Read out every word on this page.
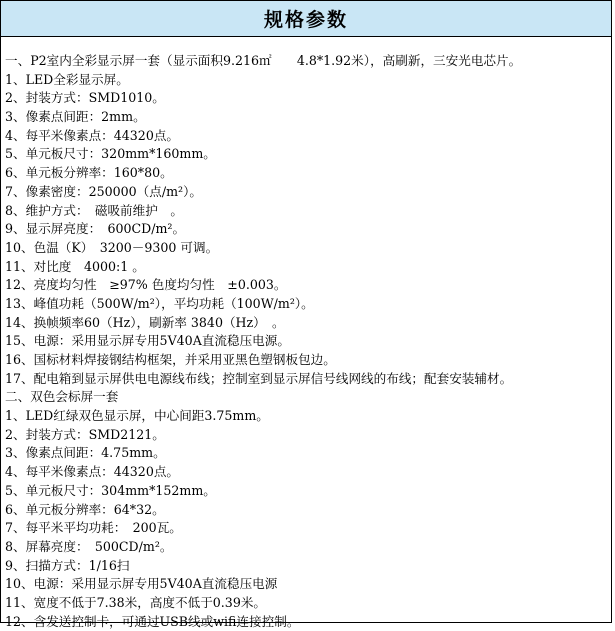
规格参数
一、P2室内全彩显示屏一套（显示面积9.216㎡　　4.8*1.92米），高刷新，三安光电芯片。
1、LED全彩显示屏。
2、封装方式：SMD1010。
3、像素点间距：2mm。
4、每平米像素点：44320点。
5、单元板尺寸：320mm*160mm。
6、单元板分辨率：160*80。
7、像素密度：250000（点/m²）。
8、维护方式：　磁吸前维护　。
9、显示屏亮度：　600CD/m²。
10、色温（K）　3200－9300 可调。
11、对比度　4000:1 。
12、亮度均匀性　≥97% 色度均匀性　±0.003。
13、峰值功耗（500W/m²），平均功耗（100W/m²）。
14、换帧频率60（Hz），刷新率 3840（Hz）　。
15、电源：采用显示屏专用5V40A直流稳压电源。
16、国标材料焊接钢结构框架，并采用亚黑色塑钢板包边。
17、配电箱到显示屏供电电源线布线；控制室到显示屏信号线网线的布线；配套安装辅材。
二、双色会标屏一套
1、LED红绿双色显示屏，中心间距3.75mm。
2、封装方式：SMD2121。
3、像素点间距：4.75mm。
4、每平米像素点：44320点。
5、单元板尺寸：304mm*152mm。
6、单元板分辨率：64*32。
7、每平米平均功耗：　200瓦。
8、屏幕亮度：　500CD/m²。
9、扫描方式：1/16扫
10、电源：采用显示屏专用5V40A直流稳压电源
11、宽度不低于7.38米，高度不低于0.39米。
12、含发送控制卡，可通过USB线或wifi连接控制。
